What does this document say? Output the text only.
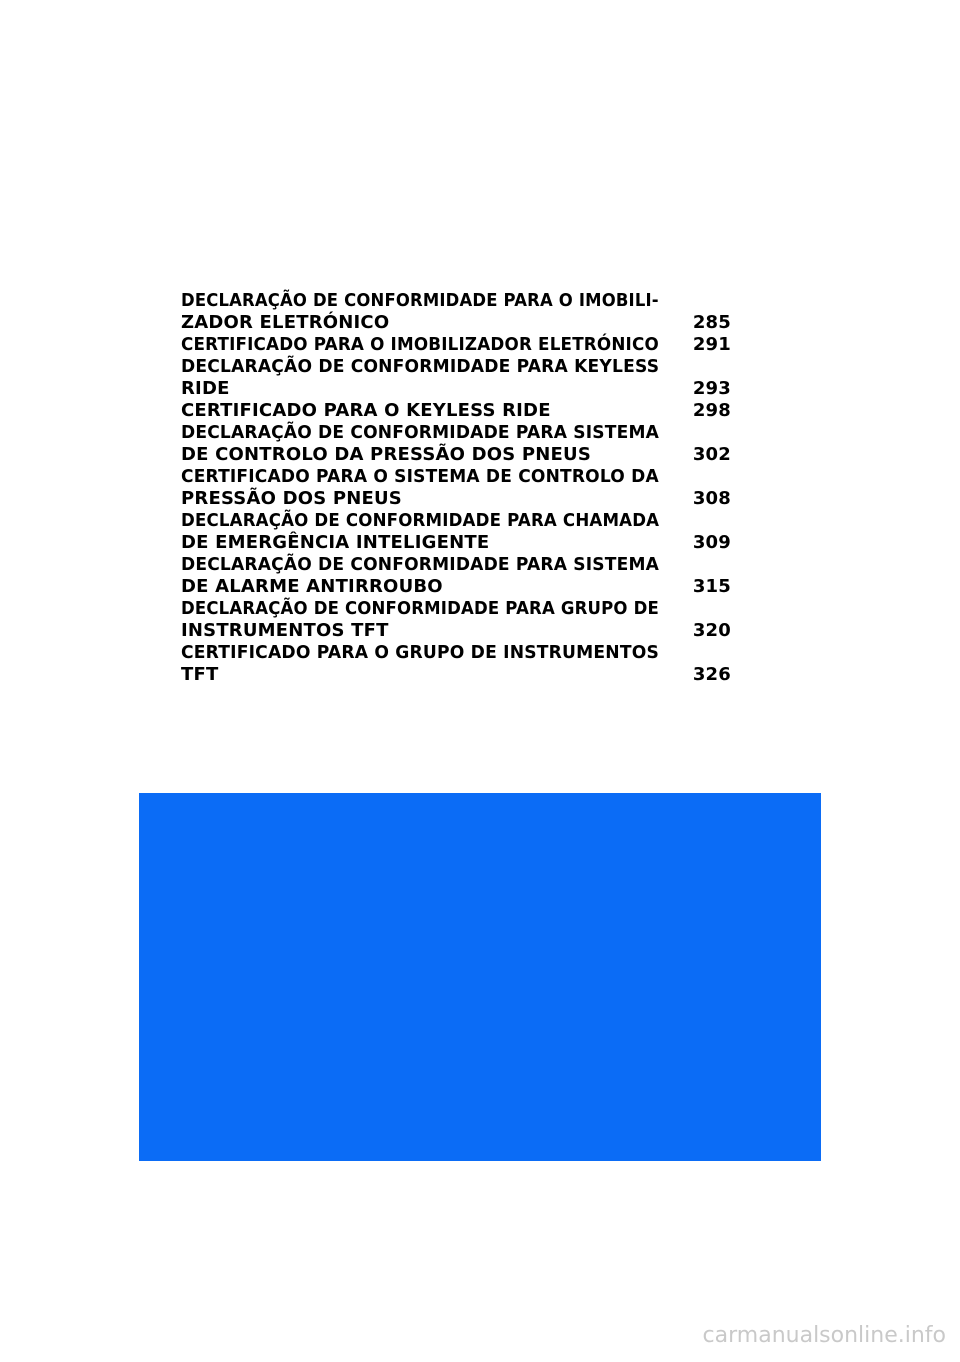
DECLARAÇÃO DE CONFORMIDADE PARA O IMOBILI-
ZADOR ELETRÓNICO	285
CERTIFICADO PARA O IMOBILIZADOR ELETRÓNICO 291
DECLARAÇÃO DE CONFORMIDADE PARA KEYLESS
RIDE	293
CERTIFICADO PARA O KEYLESS RIDE	298
DECLARAÇÃO DE CONFORMIDADE PARA SISTEMA
DE CONTROLO DA PRESSÃO DOS PNEUS	302
CERTIFICADO PARA O SISTEMA DE CONTROLO DA
PRESSÃO DOS PNEUS	308
DECLARAÇÃO DE CONFORMIDADE PARA CHAMADA
DE EMERGÊNCIA INTELIGENTE	309
DECLARAÇÃO DE CONFORMIDADE PARA SISTEMA
DE ALARME ANTIRROUBO	315
DECLARAÇÃO DE CONFORMIDADE PARA GRUPO DE
INSTRUMENTOS TFT	320
CERTIFICADO PARA O GRUPO DE INSTRUMENTOS
TFT	326
carmanualsonline.info
